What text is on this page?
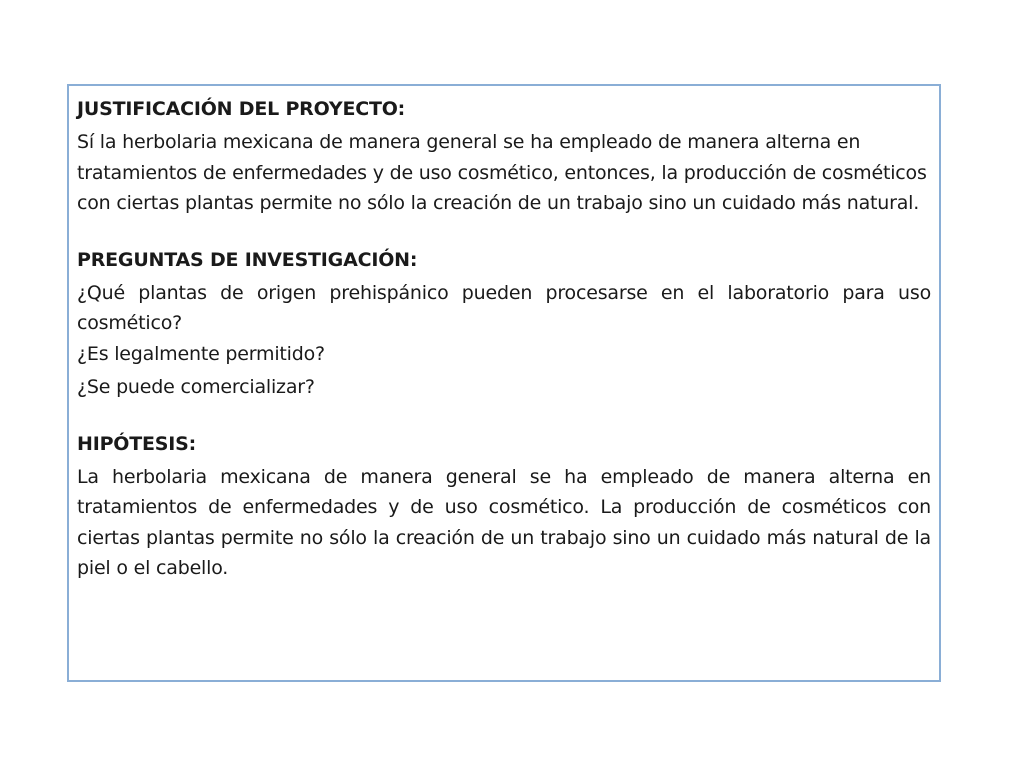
JUSTIFICACIÓN DEL PROYECTO:

Sí la herbolaria mexicana de manera general se ha empleado de manera alterna en tratamientos de enfermedades y de uso cosmético, entonces, la producción de cosméticos con ciertas plantas permite no sólo la creación de un trabajo sino un cuidado más natural.

PREGUNTAS DE INVESTIGACIÓN:

¿Qué plantas de origen prehispánico pueden procesarse en el laboratorio para uso cosmético?

¿Es legalmente permitido?

¿Se puede comercializar?

HIPÓTESIS:

La herbolaria mexicana de manera general se ha empleado de manera alterna en tratamientos de enfermedades y de uso cosmético. La producción de cosméticos con ciertas plantas permite no sólo la creación de un trabajo sino un cuidado más natural de la piel o el cabello.
